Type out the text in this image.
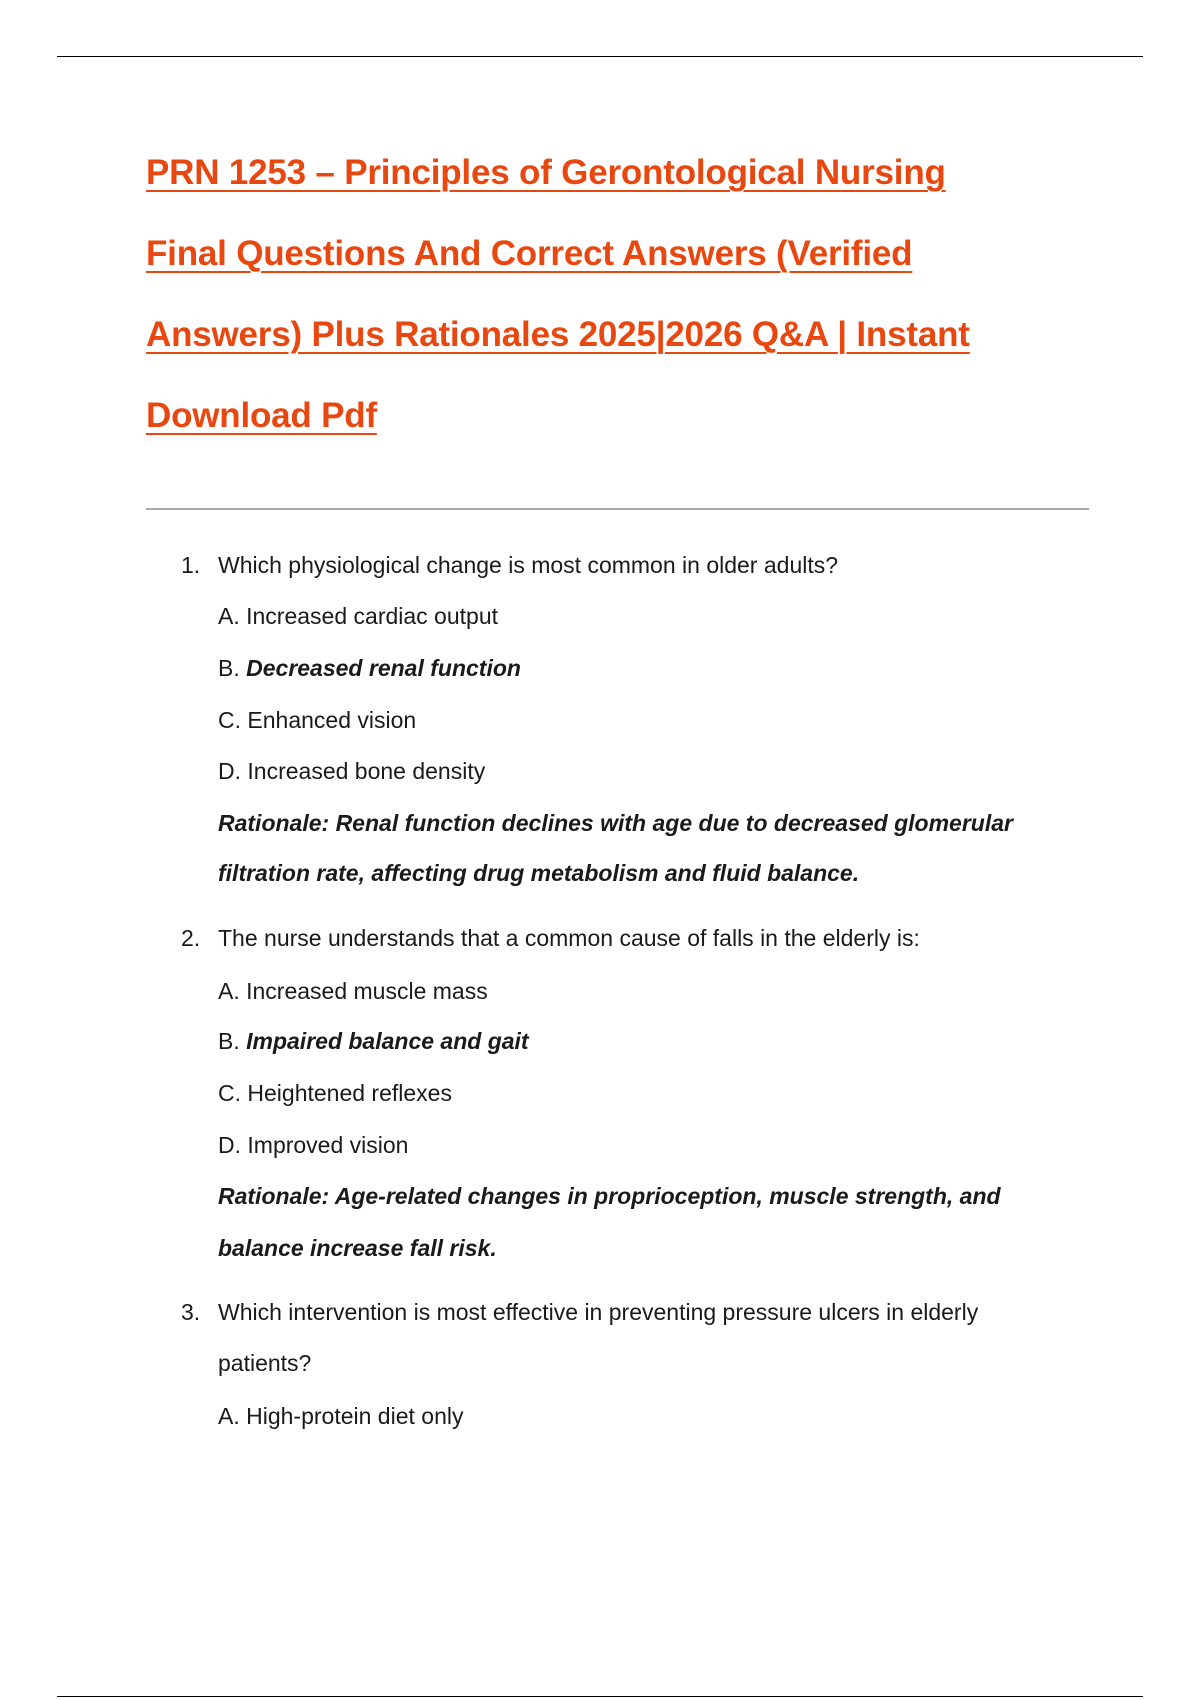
PRN 1253 – Principles of Gerontological Nursing
Final Questions And Correct Answers (Verified
Answers) Plus Rationales 2025|2026 Q&A | Instant
Download Pdf
1. Which physiological change is most common in older adults?
A. Increased cardiac output
B. Decreased renal function
C. Enhanced vision
D. Increased bone density
Rationale: Renal function declines with age due to decreased glomerular
filtration rate, affecting drug metabolism and fluid balance.
2. The nurse understands that a common cause of falls in the elderly is:
A. Increased muscle mass
B. Impaired balance and gait
C. Heightened reflexes
D. Improved vision
Rationale: Age-related changes in proprioception, muscle strength, and
balance increase fall risk.
3. Which intervention is most effective in preventing pressure ulcers in elderly
patients?
A. High-protein diet only
